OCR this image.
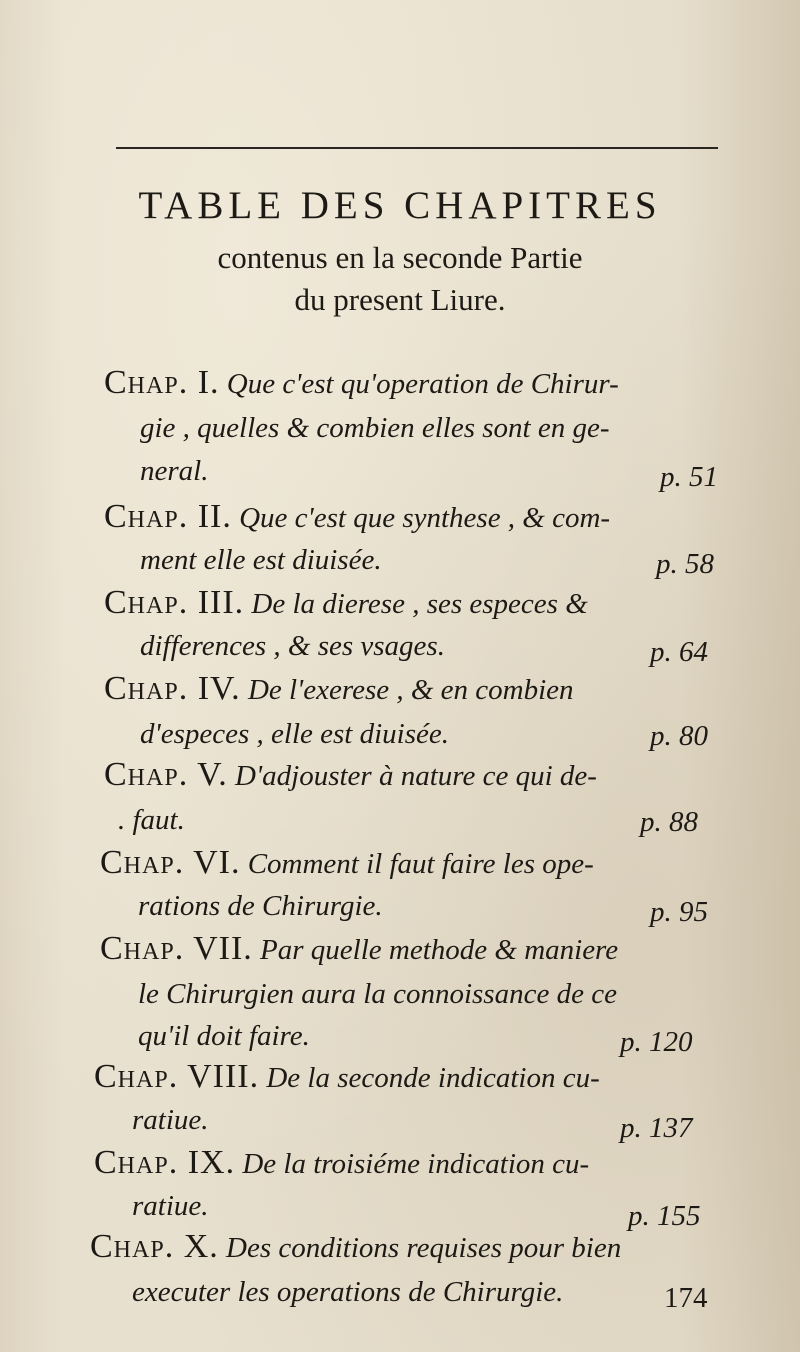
TABLE DES CHAPITRES
contenus en la seconde Partie
du present Liure.
Chap. I. Que c'est qu'operation de Chirur-
gie , quelles & combien elles sont en ge-
neral.	p. 51
Chap. II. Que c'est que synthese , & com-
ment elle est diuisée.	p. 58
Chap. III. De la dierese , ses especes &
differences , & ses vsages.	p. 64
Chap. IV. De l'exerese , & en combien
d'especes , elle est diuisée.	p. 80
Chap. V. D'adjouster à nature ce qui de-
. faut.	p. 88
Chap. VI. Comment il faut faire les ope-
rations de Chirurgie.	p. 95
Chap. VII. Par quelle methode & maniere
le Chirurgien aura la connoissance de ce
qu'il doit faire.	p. 120
Chap. VIII. De la seconde indication cu-
ratiue.	p. 137
Chap. IX. De la troisiéme indication cu-
ratiue.	p. 155
Chap. X. Des conditions requises pour bien
executer les operations de Chirurgie.	174
